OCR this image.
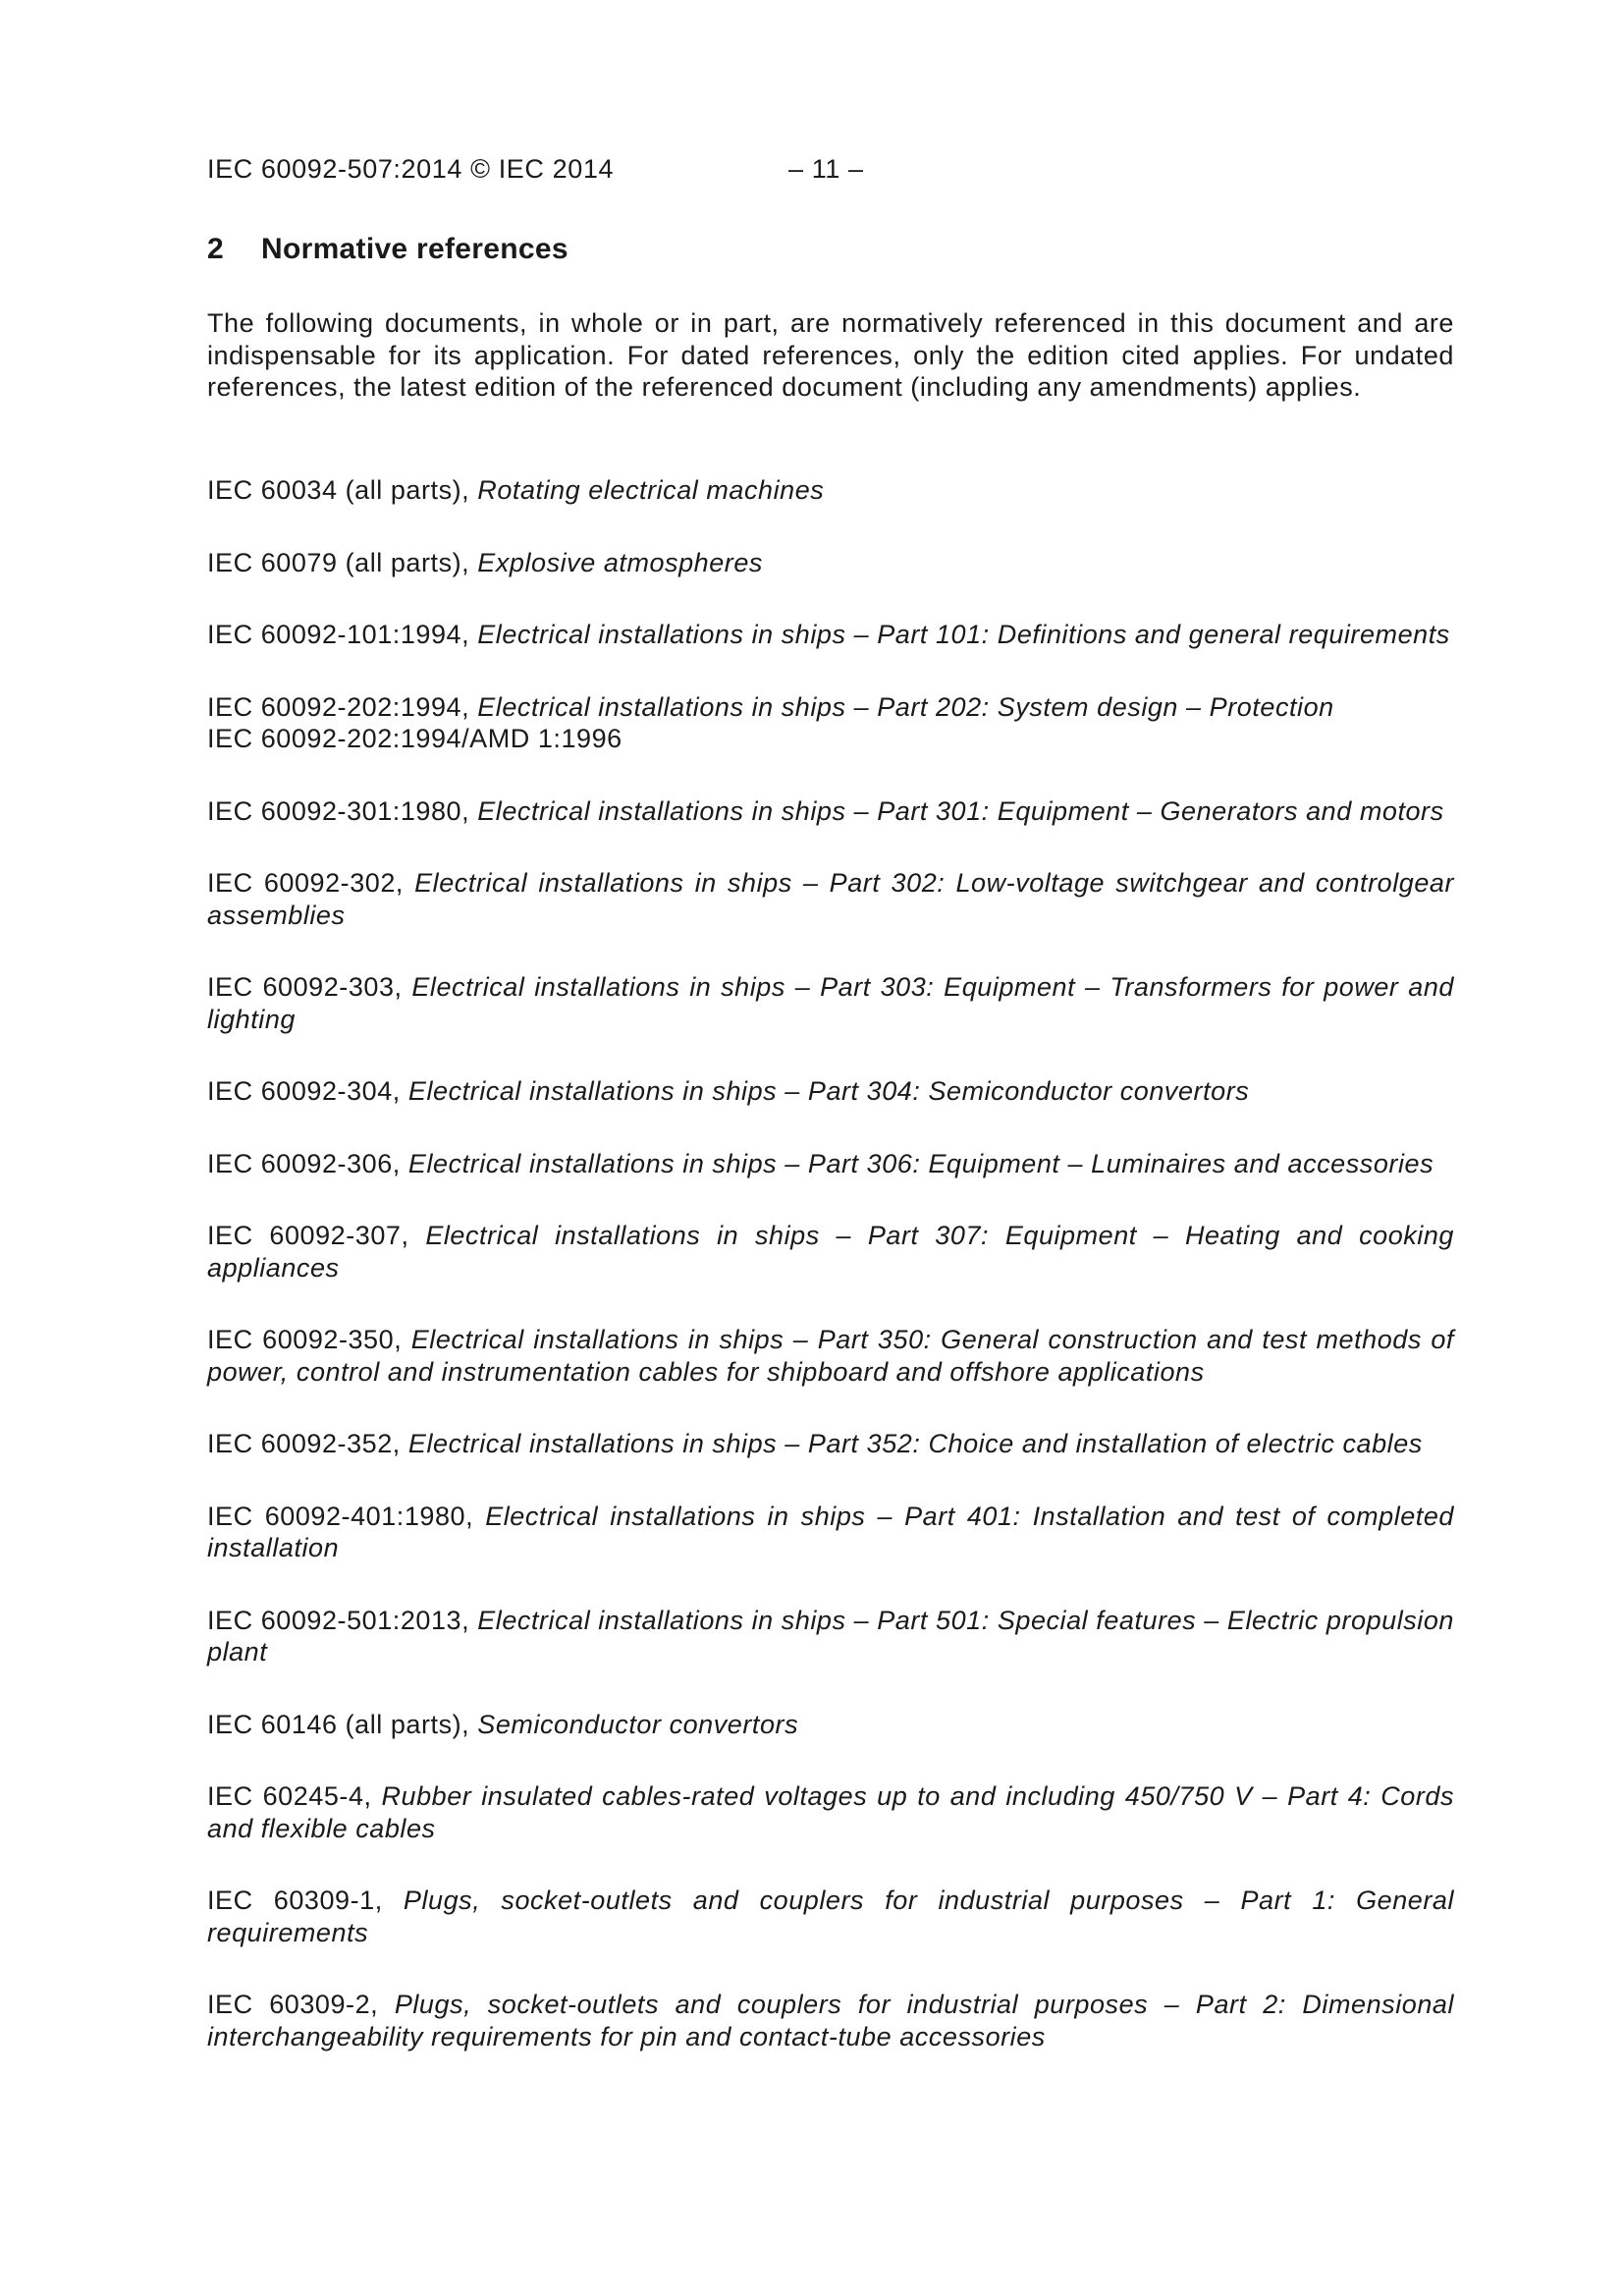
IEC 60092-507:2014 © IEC 2014	– 11 –
2 Normative references

The following documents, in whole or in part, are normatively referenced in this document and are indispensable for its application. For dated references, only the edition cited applies. For undated references, the latest edition of the referenced document (including any amendments) applies.

IEC 60034 (all parts), Rotating electrical machines

IEC 60079 (all parts), Explosive atmospheres

IEC 60092-101:1994, Electrical installations in ships – Part 101: Definitions and general requirements

IEC 60092-202:1994, Electrical installations in ships – Part 202: System design – Protection

IEC 60092-202:1994/AMD 1:1996

IEC 60092-301:1980, Electrical installations in ships – Part 301: Equipment – Generators and motors

IEC 60092-302, Electrical installations in ships – Part 302: Low-voltage switchgear and controlgear assemblies

IEC 60092-303, Electrical installations in ships – Part 303: Equipment – Transformers for power and lighting

IEC 60092-304, Electrical installations in ships – Part 304: Semiconductor convertors

IEC 60092-306, Electrical installations in ships – Part 306: Equipment – Luminaires and accessories

IEC 60092-307, Electrical installations in ships – Part 307: Equipment – Heating and cooking appliances

IEC 60092-350, Electrical installations in ships – Part 350: General construction and test methods of power, control and instrumentation cables for shipboard and offshore applications

IEC 60092-352, Electrical installations in ships – Part 352: Choice and installation of electric cables

IEC 60092-401:1980, Electrical installations in ships – Part 401: Installation and test of completed installation

IEC 60092-501:2013, Electrical installations in ships – Part 501: Special features – Electric propulsion plant

IEC 60146 (all parts), Semiconductor convertors

IEC 60245-4, Rubber insulated cables-rated voltages up to and including 450/750 V – Part 4: Cords and flexible cables

IEC 60309-1, Plugs, socket-outlets and couplers for industrial purposes – Part 1: General requirements

IEC 60309-2, Plugs, socket-outlets and couplers for industrial purposes – Part 2: Dimensional interchangeability requirements for pin and contact-tube accessories
